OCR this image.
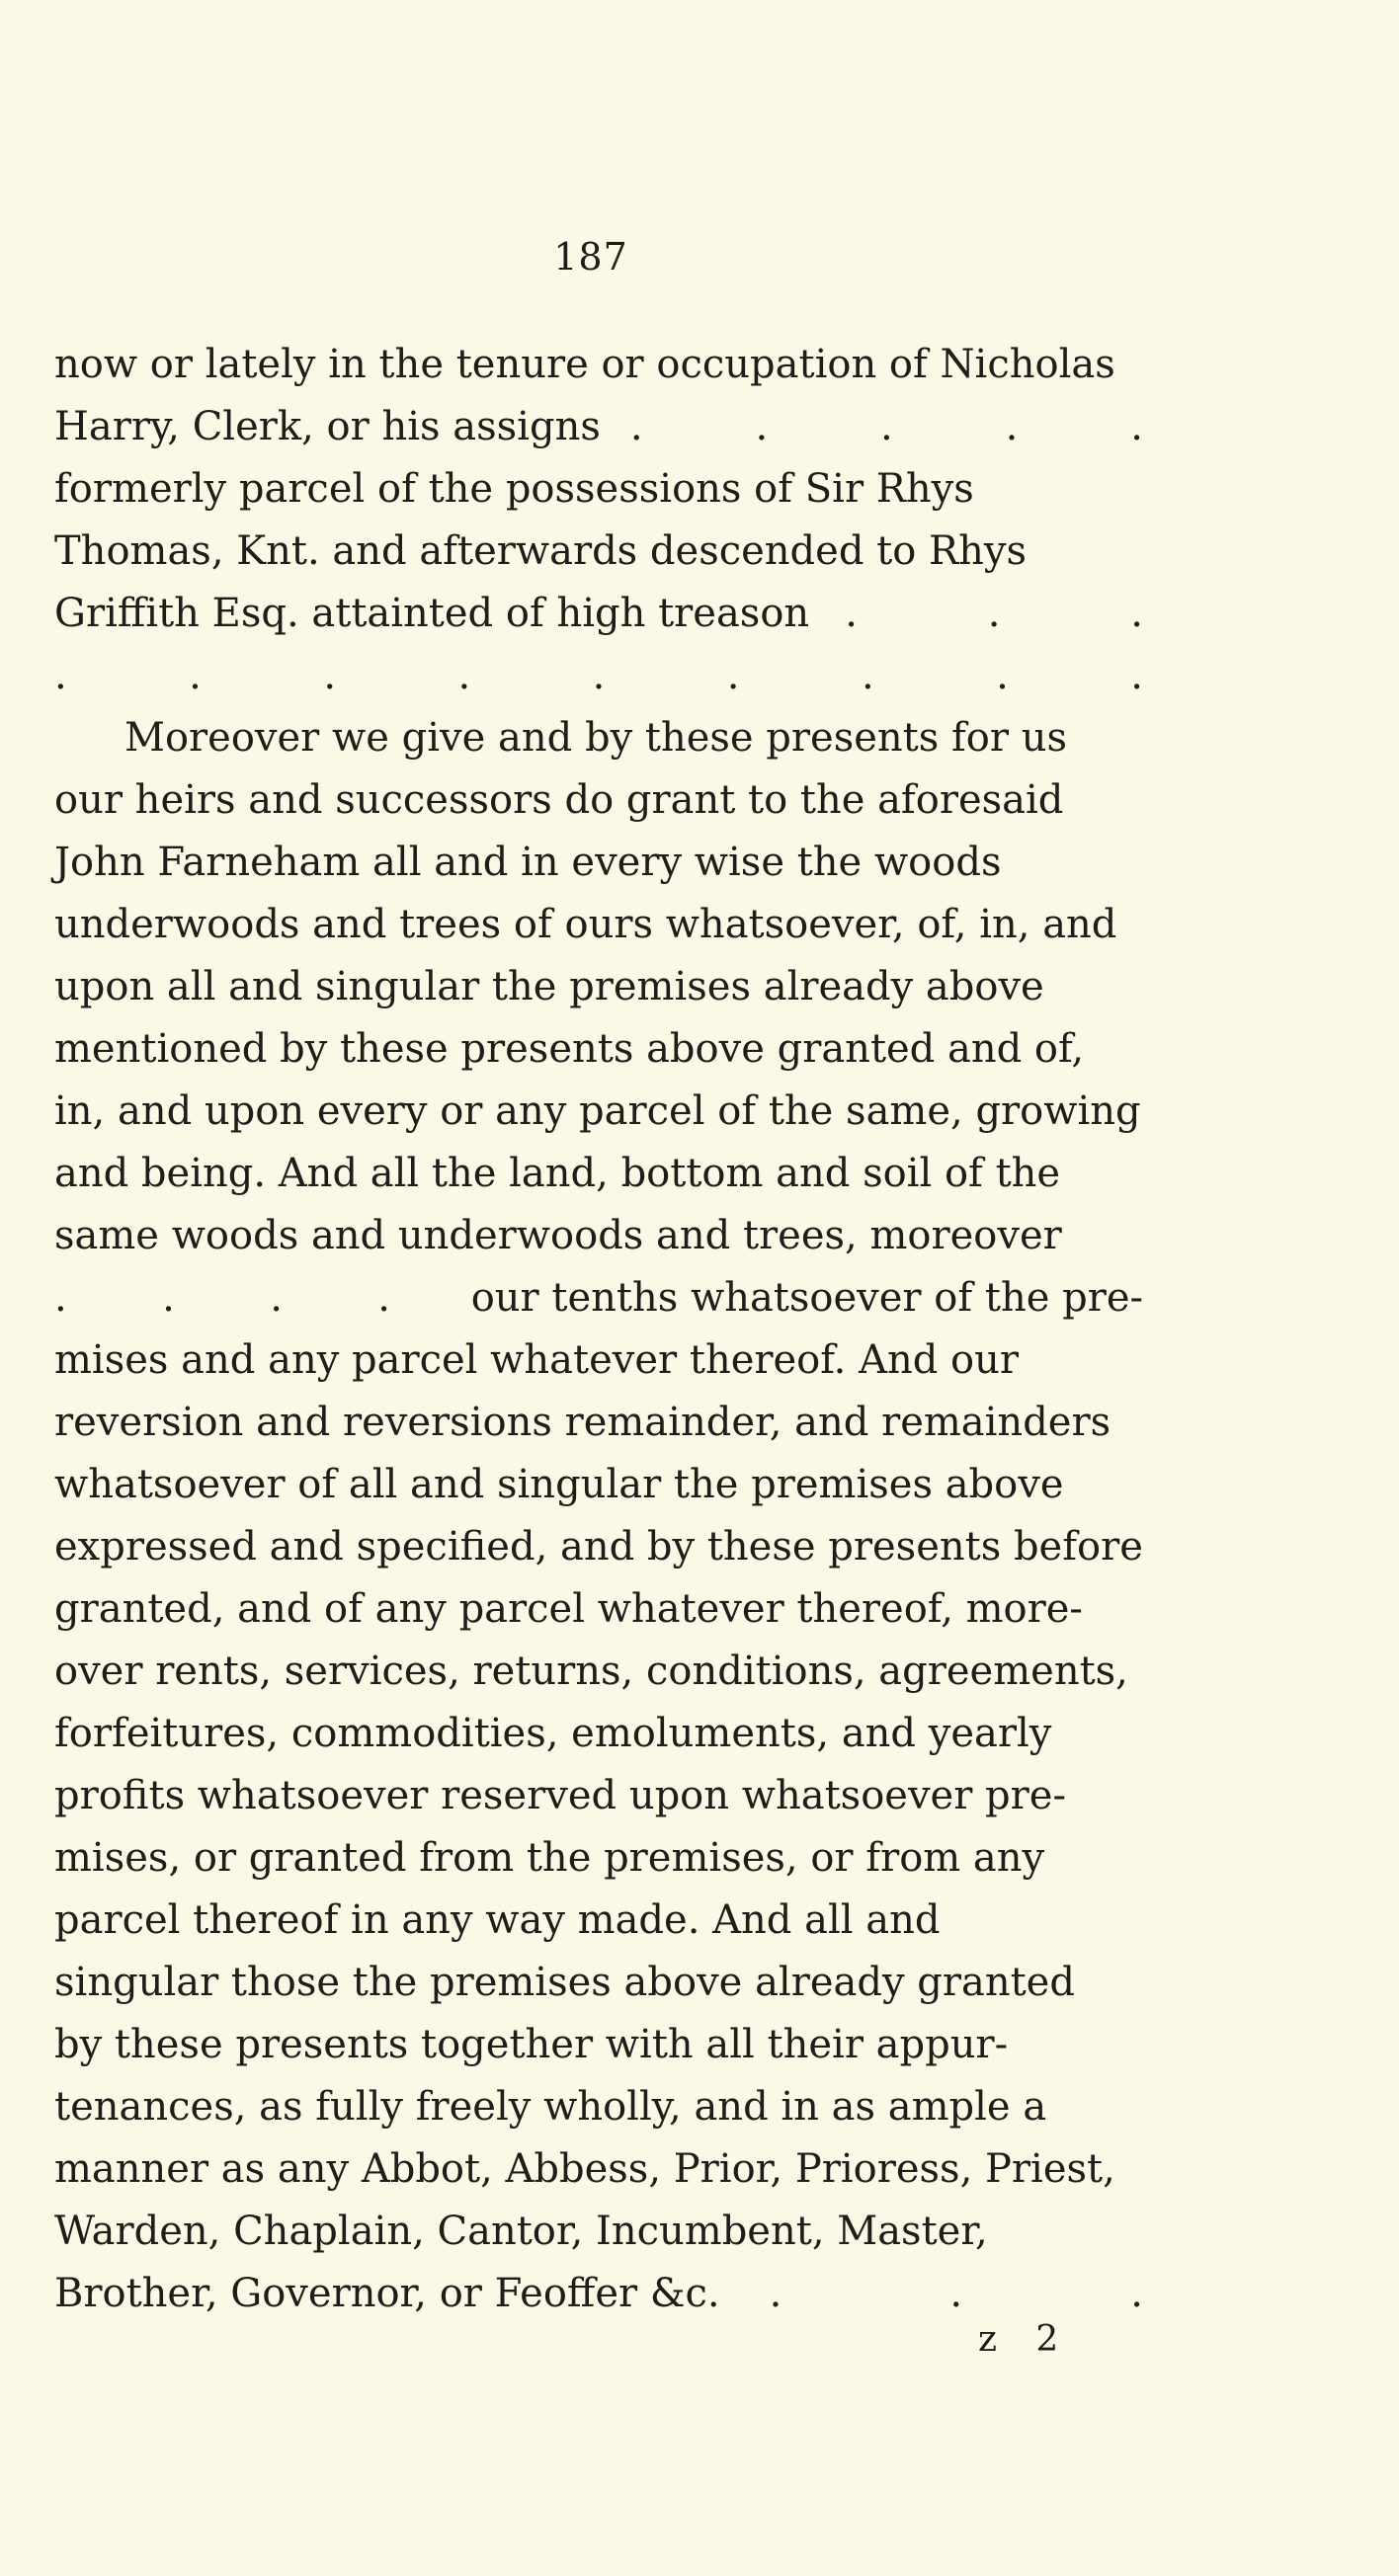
187
now or lately in the tenure or occupation of Nicholas
Harry, Clerk, or his assigns .	.	.	.	.
formerly parcel of the possessions of Sir Rhys
Thomas, Knt. and afterwards descended to Rhys
Griffith Esq. attainted of high treason .	.	.
.	.	.	.	.	.	.	.	.
Moreover we give and by these presents for us
our heirs and successors do grant to the aforesaid
John Farneham all and in every wise the woods
underwoods and trees of ours whatsoever, of, in, and
upon all and singular the premises already above
mentioned by these presents above granted and of,
in, and upon every or any parcel of the same, growing
and being. And all the land, bottom and soil of the
same woods and underwoods and trees, moreover
. . . . our tenths whatsoever of the pre-
mises and any parcel whatever thereof. And our
reversion and reversions remainder, and remainders
whatsoever of all and singular the premises above
expressed and specified, and by these presents before
granted, and of any parcel whatever thereof, more-
over rents, services, returns, conditions, agreements,
forfeitures, commodities, emoluments, and yearly
profits whatsoever reserved upon whatsoever pre-
mises, or granted from the premises, or from any
parcel thereof in any way made. And all and
singular those the premises above already granted
by these presents together with all their appur-
tenances, as fully freely wholly, and in as ample a
manner as any Abbot, Abbess, Prior, Prioress, Priest,
Warden, Chaplain, Cantor, Incumbent, Master,
Brother, Governor, or Feoffer &c. .	.	.
z 2
